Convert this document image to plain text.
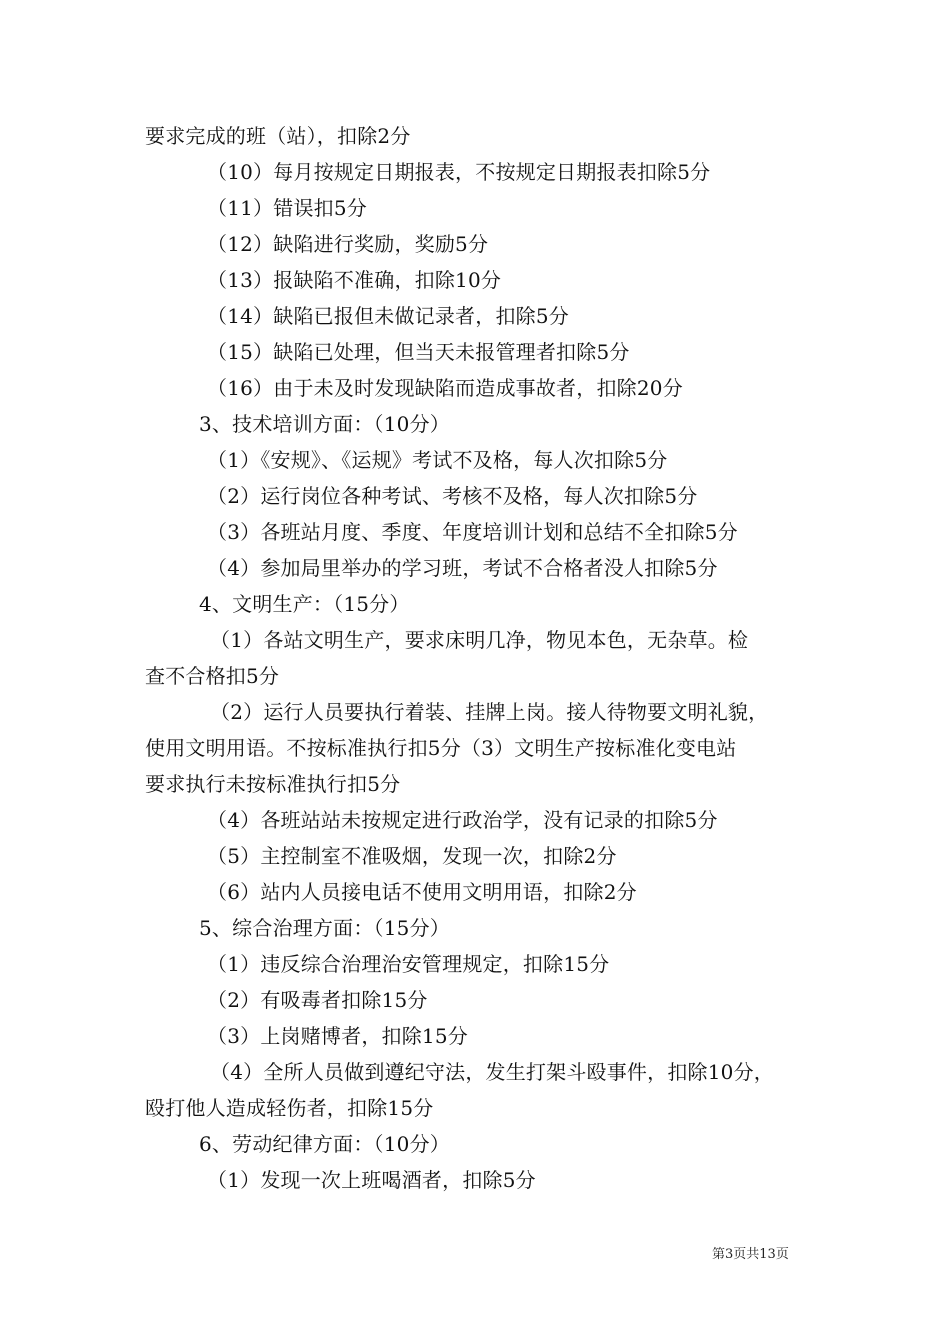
要求完成的班（站），扣除2分
（10）每月按规定日期报表，不按规定日期报表扣除5分
（11）错误扣5分
（12）缺陷进行奖励，奖励5分
（13）报缺陷不准确，扣除10分
（14）缺陷已报但未做记录者，扣除5分
（15）缺陷已处理，但当天未报管理者扣除5分
（16）由于未及时发现缺陷而造成事故者，扣除20分
3、技术培训方面：（10分）
（1）《安规》、《运规》考试不及格，每人次扣除5分
（2）运行岗位各种考试、考核不及格，每人次扣除5分
（3）各班站月度、季度、年度培训计划和总结不全扣除5分
（4）参加局里举办的学习班，考试不合格者没人扣除5分
4、文明生产：（15分）
（1）各站文明生产，要求床明几净，物见本色，无杂草。检
查不合格扣5分
（2）运行人员要执行着装、挂牌上岗。接人待物要文明礼貌，
使用文明用语。不按标准执行扣5分（3）文明生产按标准化变电站
要求执行未按标准执行扣5分
（4）各班站站未按规定进行政治学，没有记录的扣除5分
（5）主控制室不准吸烟，发现一次，扣除2分
（6）站内人员接电话不使用文明用语，扣除2分
5、综合治理方面：（15分）
（1）违反综合治理治安管理规定，扣除15分
（2）有吸毒者扣除15分
（3）上岗赌博者，扣除15分
（4）全所人员做到遵纪守法，发生打架斗殴事件，扣除10分，
殴打他人造成轻伤者，扣除15分
6、劳动纪律方面：（10分）
（1）发现一次上班喝酒者，扣除5分
第3页共13页
